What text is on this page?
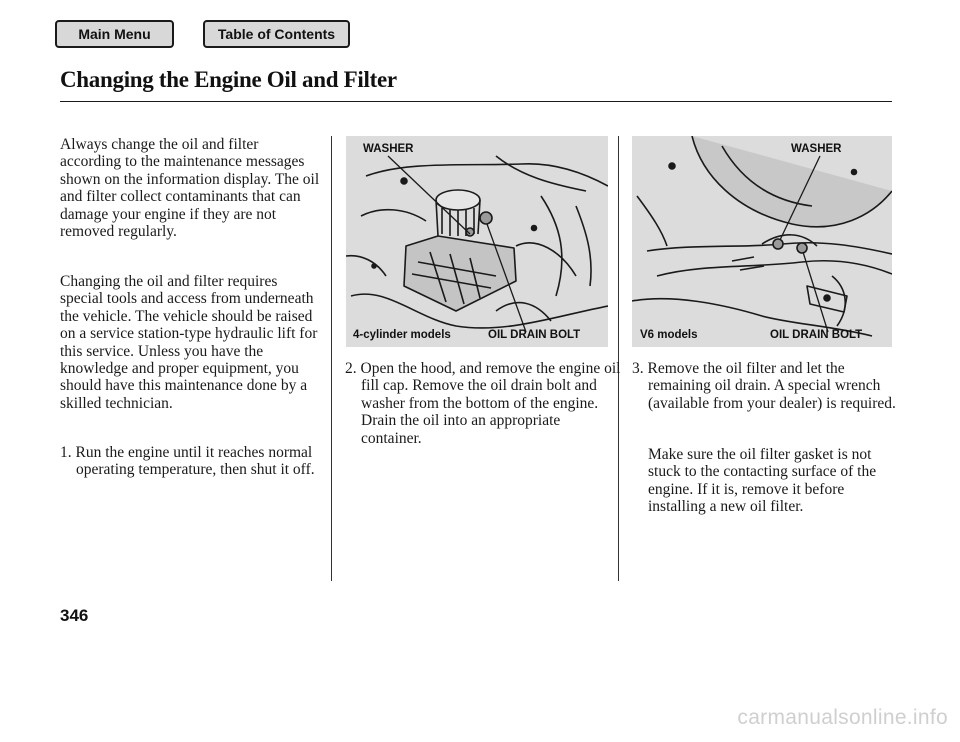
Main Menu	Table of Contents
Changing the Engine Oil and Filter

Always change the oil and filter according to the maintenance messages shown on the information display. The oil and filter collect contaminants that can damage your engine if they are not removed regularly.

Changing the oil and filter requires special tools and access from underneath the vehicle. The vehicle should be raised on a service station-type hydraulic lift for this service. Unless you have the knowledge and proper equipment, you should have this maintenance done by a skilled technician.

1. Run the engine until it reaches normal operating temperature, then shut it off.

WASHER
4-cylinder models	OIL DRAIN BOLT
WASHER
V6 models	OIL DRAIN BOLT

2. Open the hood, and remove the engine oil fill cap. Remove the oil drain bolt and washer from the bottom of the engine. Drain the oil into an appropriate container.

3. Remove the oil filter and let the remaining oil drain. A special wrench (available from your dealer) is required.

Make sure the oil filter gasket is not stuck to the contacting surface of the engine. If it is, remove it before installing a new oil filter.

346
carmanualsonline.info
